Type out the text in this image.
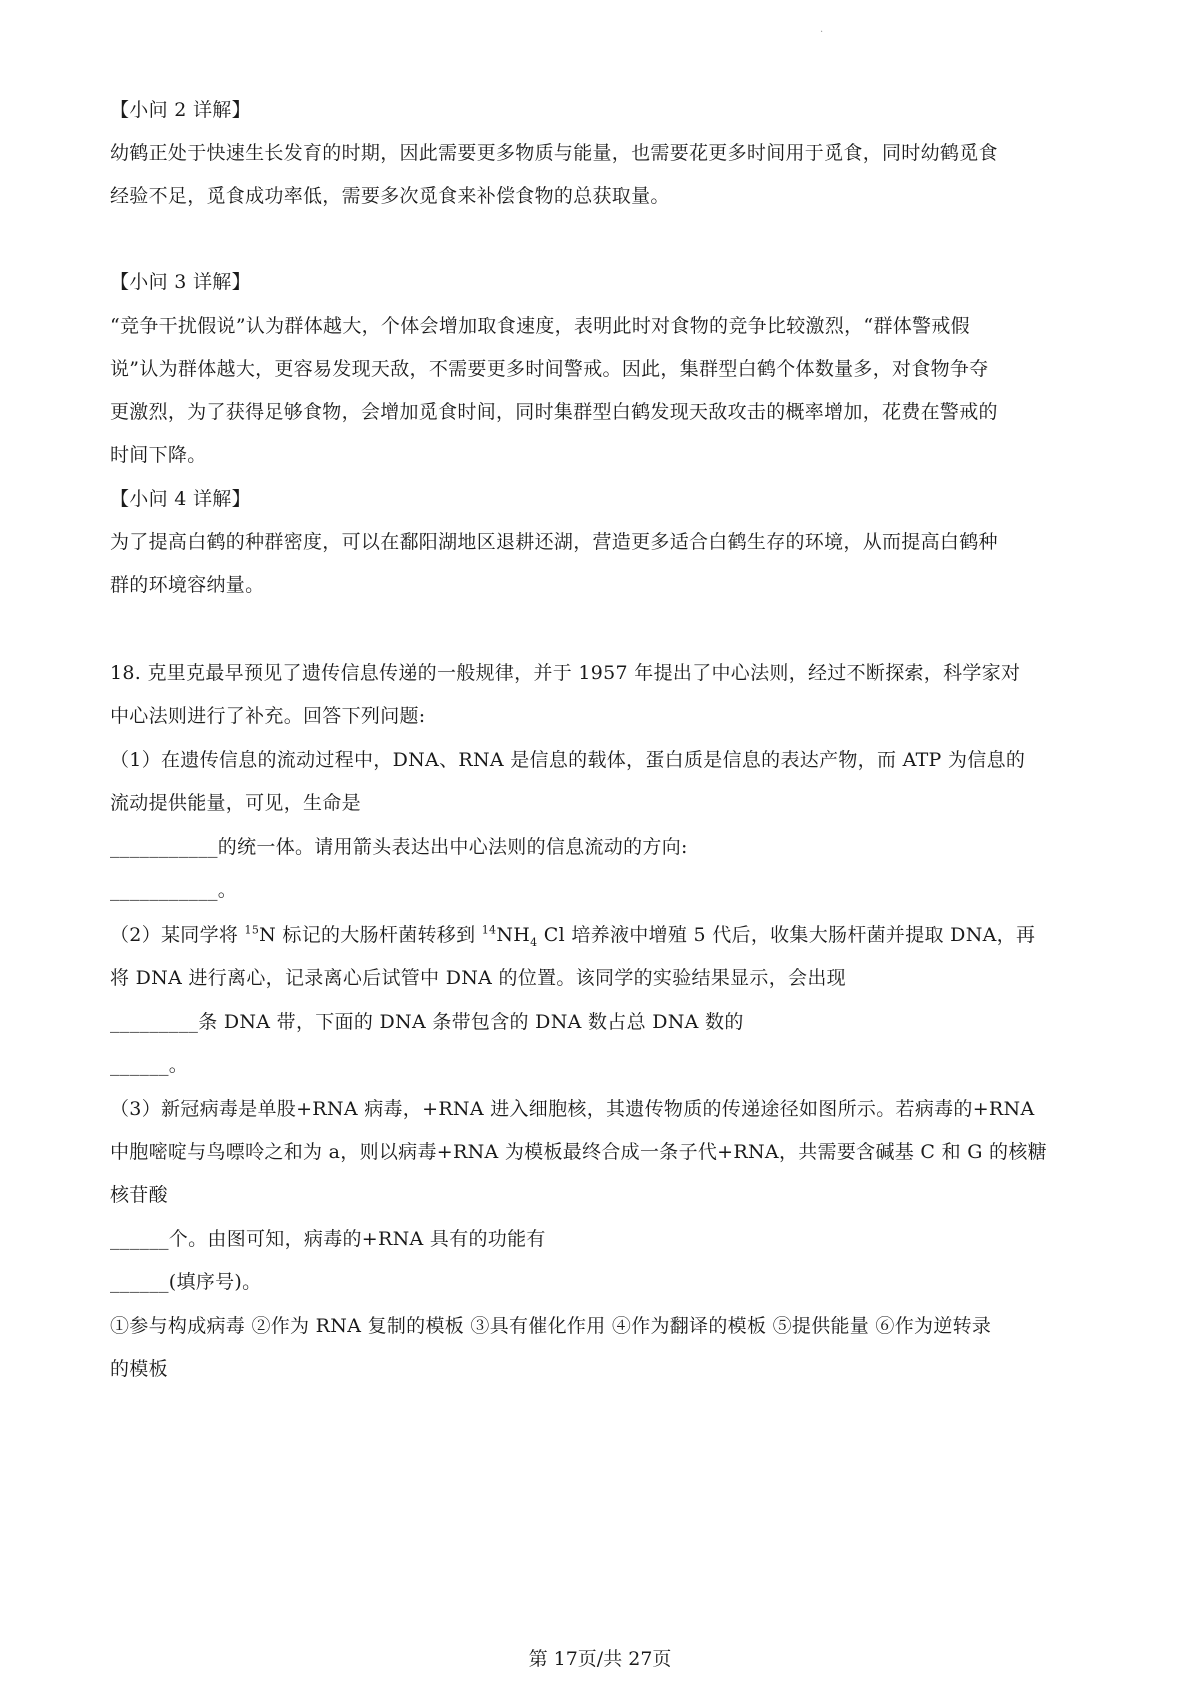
.
【小问 2 详解】
幼鹤正处于快速生长发育的时期，因此需要更多物质与能量，也需要花更多时间用于觅食，同时幼鹤觅食
经验不足，觅食成功率低，需要多次觅食来补偿食物的总获取量。
【小问 3 详解】
“竞争干扰假说”认为群体越大，个体会增加取食速度，表明此时对食物的竞争比较激烈，“群体警戒假
说”认为群体越大，更容易发现天敌，不需要更多时间警戒。因此，集群型白鹤个体数量多，对食物争夺
更激烈，为了获得足够食物，会增加觅食时间，同时集群型白鹤发现天敌攻击的概率增加，花费在警戒的
时间下降。
【小问 4 详解】
为了提高白鹤的种群密度，可以在鄱阳湖地区退耕还湖，营造更多适合白鹤生存的环境，从而提高白鹤种
群的环境容纳量。
18. 克里克最早预见了遗传信息传递的一般规律，并于 1957 年提出了中心法则，经过不断探索，科学家对
中心法则进行了补充。回答下列问题:
（1）在遗传信息的流动过程中，DNA、RNA 是信息的载体，蛋白质是信息的表达产物，而 ATP 为信息的
流动提供能量，可见，生命是
___________的统一体。请用箭头表达出中心法则的信息流动的方向:
___________。
（2）某同学将 $^{15}$N 标记的大肠杆菌转移到 $^{14}NH_4$ Cl 培养液中增殖 5 代后，收集大肠杆菌并提取 DNA，再
将 DNA 进行离心，记录离心后试管中 DNA 的位置。该同学的实验结果显示，会出现
_________条 DNA 带，下面的 DNA 条带包含的 DNA 数占总 DNA 数的
______。
（3）新冠病毒是单股+RNA 病毒，+RNA 进入细胞核，其遗传物质的传递途径如图所示。若病毒的+RNA
中胞嘧啶与鸟嘌呤之和为 a，则以病毒+RNA 为模板最终合成一条子代+RNA，共需要含碱基 C 和 G 的核糖
核苷酸
______个。由图可知，病毒的+RNA 具有的功能有
______(填序号)。
①参与构成病毒 ②作为 RNA 复制的模板 ③具有催化作用 ④作为翻译的模板 ⑤提供能量 ⑥作为逆转录
的模板
第 17页/共 27页
